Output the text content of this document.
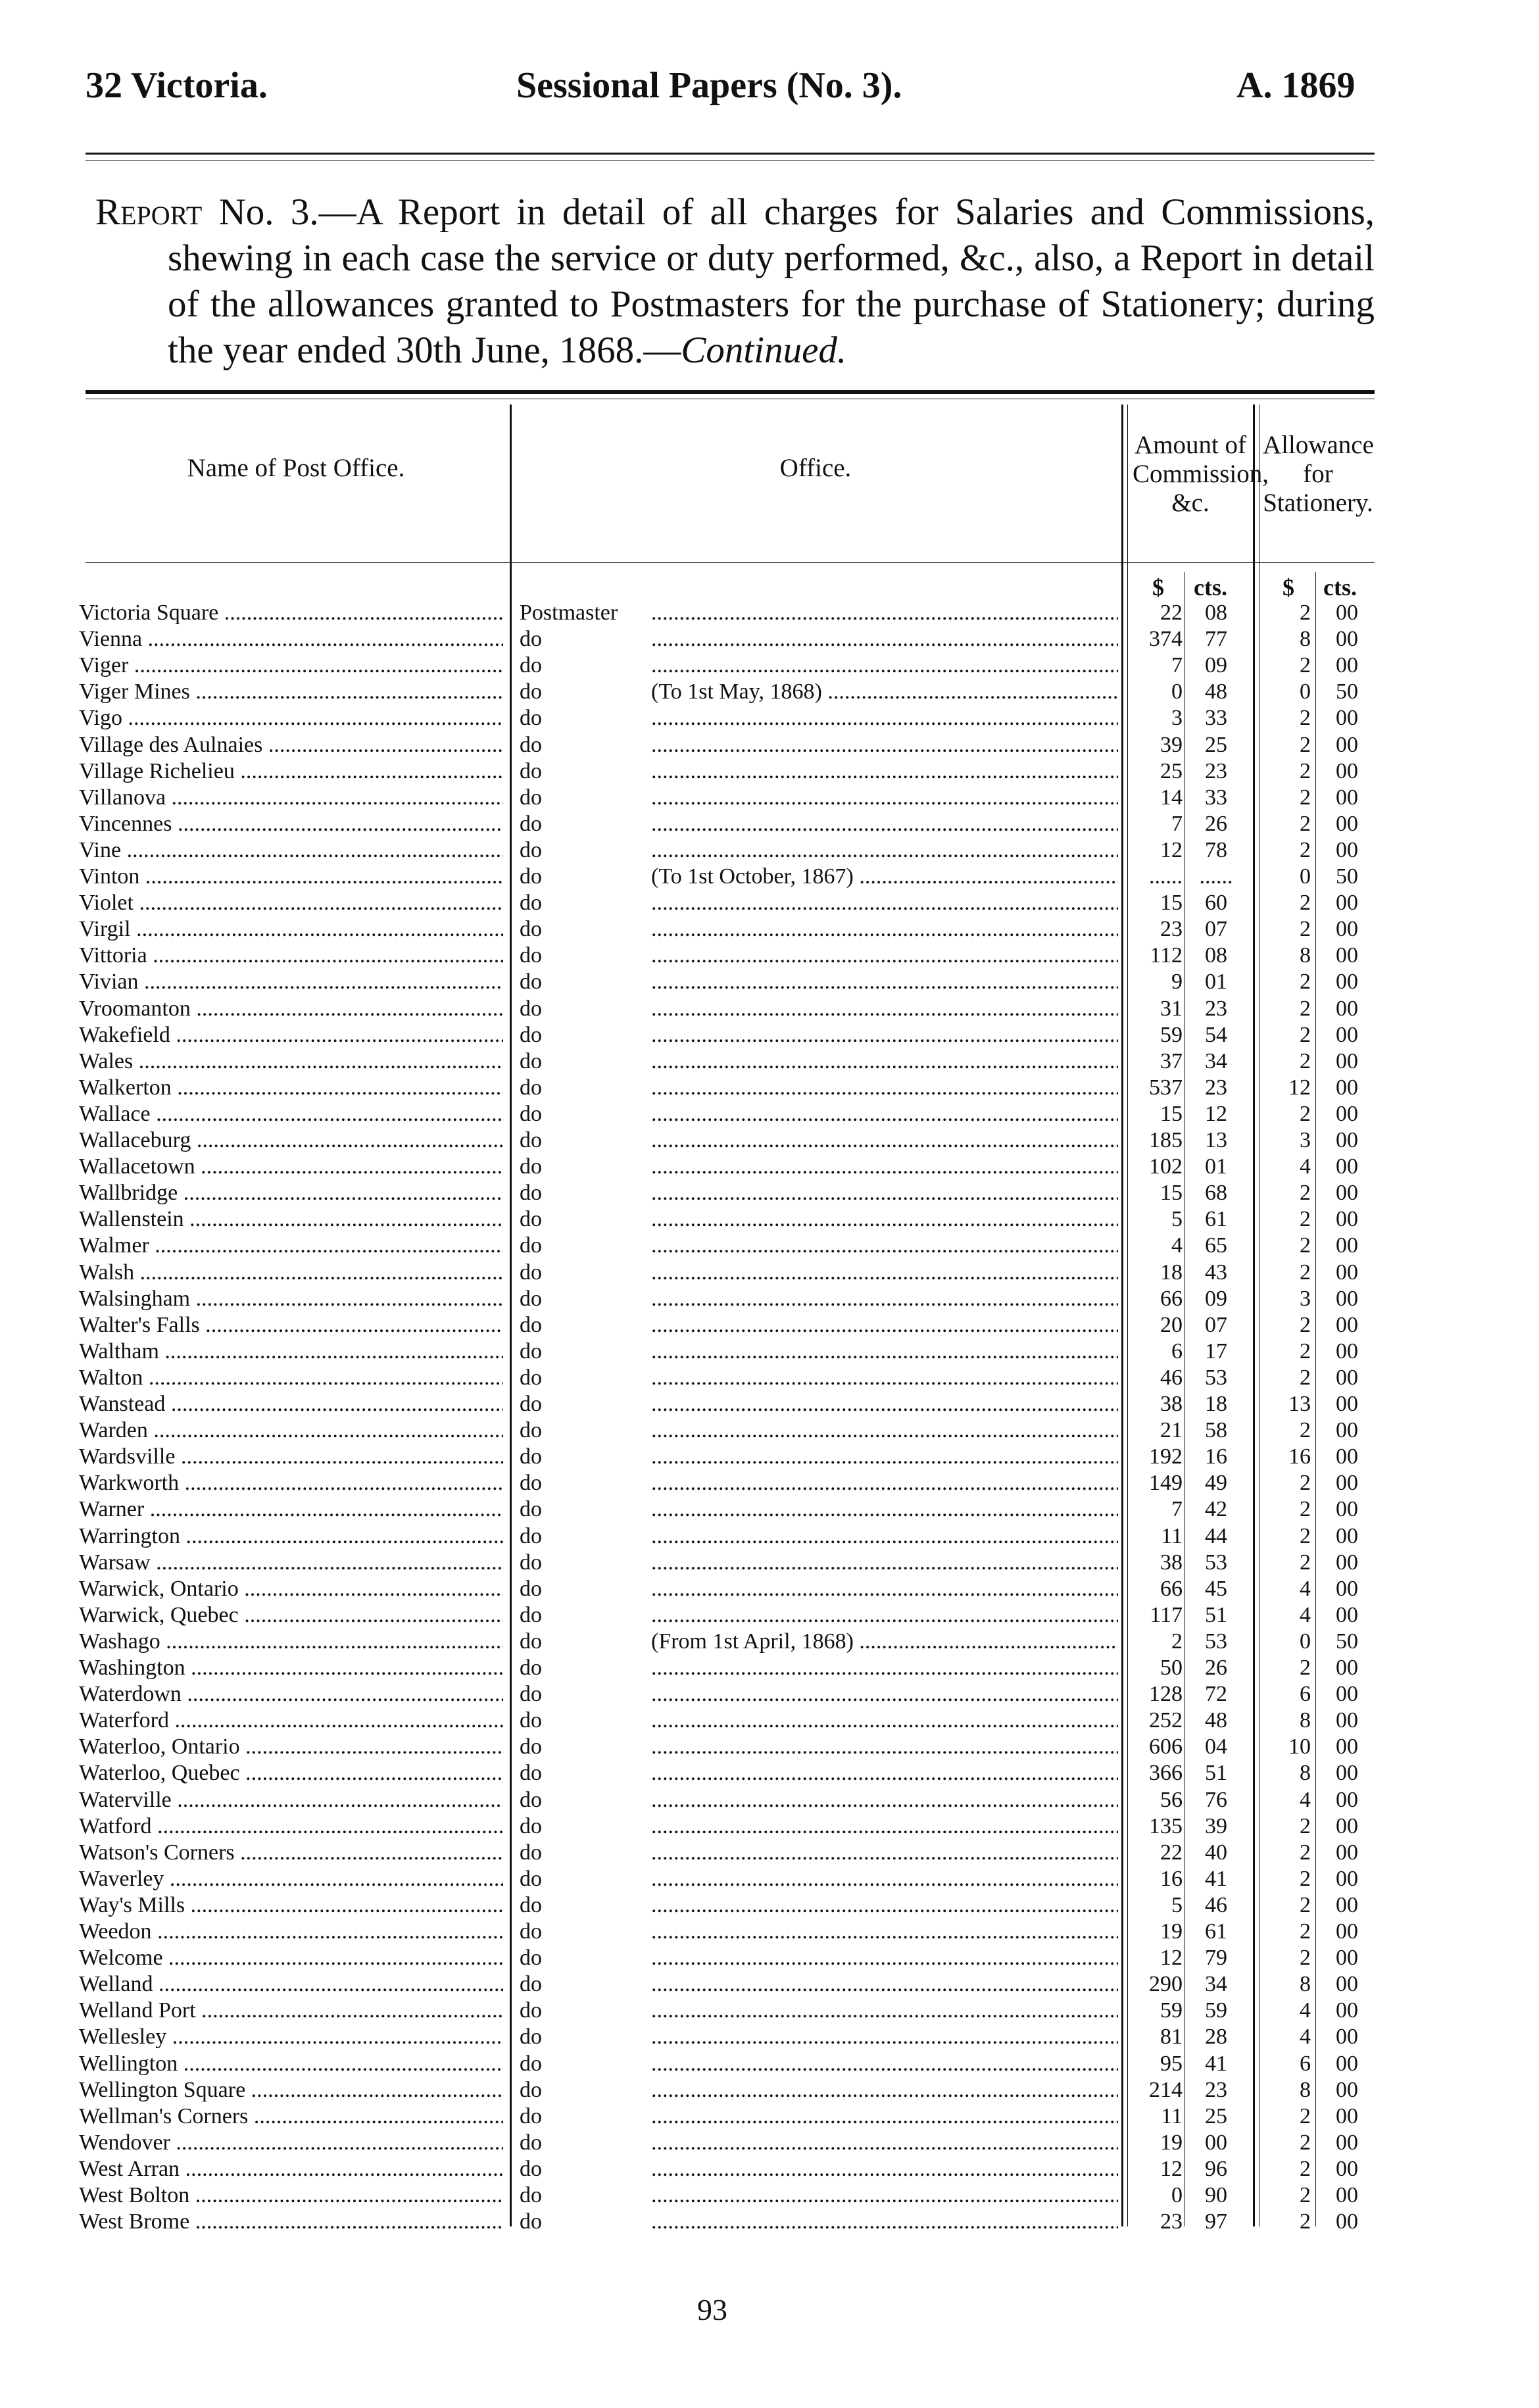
32 Victoria.	Sessional Papers (No. 3).	A. 1869
Report No. 3.—A Report in detail of all charges for Salaries and Commissions, shewing in each case the service or duty performed, &c., also, a Report in detail of the allowances granted to Postmasters for the purchase of Stationery; during the year ended 30th June, 1868.—Continued.
Name of Post Office.	Office.
Amount of Commission, &c.
Allowance for Stationery.
$ cts. $ cts.
Victoria Square .....	Postmaster .....	22	08	2	00
Vienna .....	do .....	374	77	8	00
Viger .....	do .....	7	09	2	00
Viger Mines .....	do	(To 1st May, 1868) .....	0	48	0	50
Vigo .....	do .....	3	33	2	00
Village des Aulnaies .....	do .....	39	25	2	00
Village Richelieu .....	do .....	25	23	2	00
Villanova .....	do .....	14	33	2	00
Vincennes .....	do .....	7	26	2	00
Vine .....	do .....	12	78	2	00
Vinton .....	do	(To 1st October, 1867) .....	...... ......	0	50
Violet .....	do .....	15	60	2	00
Virgil .....	do .....	23	07	2	00
Vittoria .....	do .....	112	08	8	00
Vivian .....	do .....	9	01	2	00
Vroomanton .....	do .....	31	23	2	00
Wakefield .....	do .....	59	54	2	00
Wales .....	do .....	37	34	2	00
Walkerton .....	do .....	537	23	12	00
Wallace .....	do .....	15	12	2	00
Wallaceburg .....	do .....	185	13	3	00
Wallacetown .....	do .....	102	01	4	00
Wallbridge .....	do .....	15	68	2	00
Wallenstein .....	do .....	5	61	2	00
Walmer .....	do .....	4	65	2	00
Walsh .....	do .....	18	43	2	00
Walsingham .....	do .....	66	09	3	00
Walter's Falls .....	do .....	20	07	2	00
Waltham .....	do .....	6	17	2	00
Walton .....	do .....	46	53	2	00
Wanstead .....	do .....	38	18	13	00
Warden .....	do .....	21	58	2	00
Wardsville .....	do .....	192	16	16	00
Warkworth .....	do .....	149	49	2	00
Warner .....	do .....	7	42	2	00
Warrington .....	do .....	11	44	2	00
Warsaw .....	do .....	38	53	2	00
Warwick, Ontario .....	do .....	66	45	4	00
Warwick, Quebec .....	do .....	117	51	4	00
Washago .....	do	(From 1st April, 1868) .....	2	53	0	50
Washington .....	do .....	50	26	2	00
Waterdown .....	do .....	128	72	6	00
Waterford .....	do .....	252	48	8	00
Waterloo, Ontario .....	do .....	606	04	10	00
Waterloo, Quebec .....	do .....	366	51	8	00
Waterville .....	do .....	56	76	4	00
Watford .....	do .....	135	39	2	00
Watson's Corners .....	do .....	22	40	2	00
Waverley .....	do .....	16	41	2	00
Way's Mills .....	do .....	5	46	2	00
Weedon .....	do .....	19	61	2	00
Welcome .....	do .....	12	79	2	00
Welland .....	do .....	290	34	8	00
Welland Port .....	do .....	59	59	4	00
Wellesley .....	do .....	81	28	4	00
Wellington .....	do .....	95	41	6	00
Wellington Square .....	do .....	214	23	8	00
Wellman's Corners .....	do .....	11	25	2	00
Wendover .....	do .....	19	00	2	00
West Arran .....	do .....	12	96	2	00
West Bolton .....	do .....	0	90	2	00
West Brome .....	do .....	23	97	2	00
93
